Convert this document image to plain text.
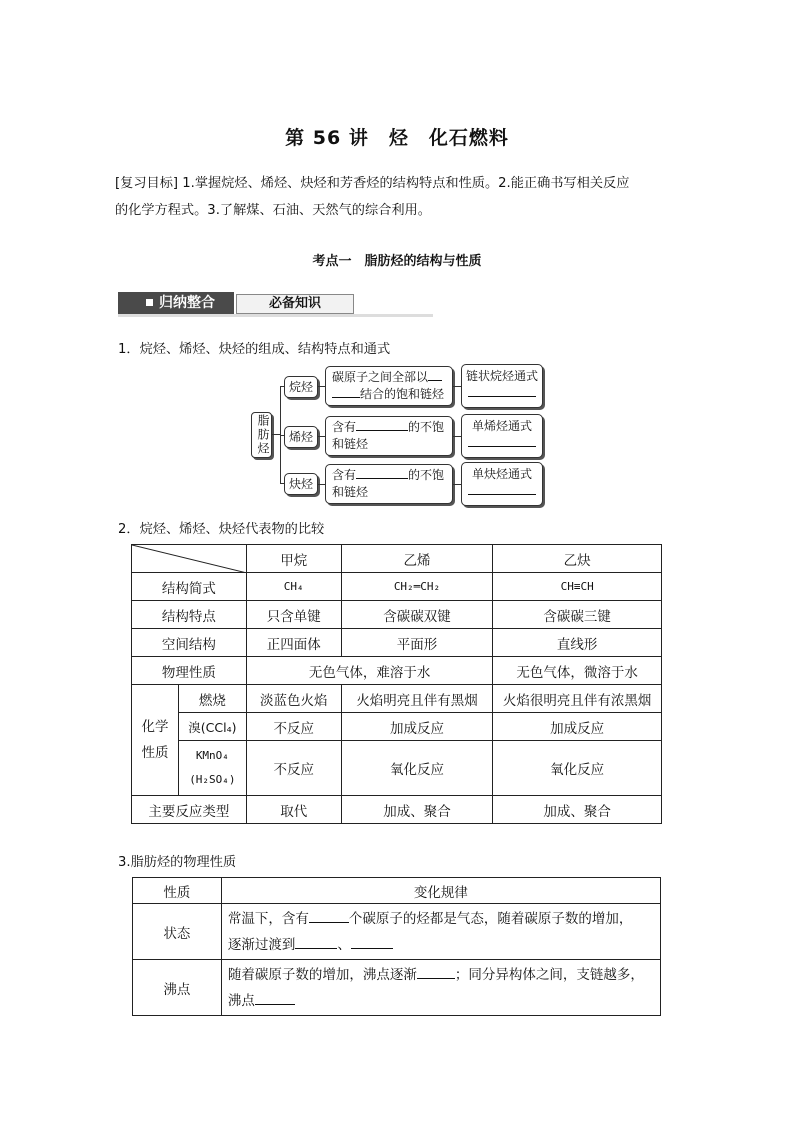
第 56 讲　烃　化石燃料
[复习目标] 1.掌握烷烃、烯烃、炔烃和芳香烃的结构特点和性质。2.能正确书写相关反应
的化学方程式。3.了解煤、石油、天然气的综合利用。
考点一　脂肪烃的结构与性质
归纳整合	必备知识
1．烷烃、烯烃、炔烃的组成、结构特点和通式
脂肪烃
烷烃
烯烃
炔烃
碳原子之间全部以
结合的饱和链烃
含有	的不饱
和链烃
含有	的不饱
和链烃
链状烷烃通式
单烯烃通式
单炔烃通式
2．烷烃、烯烃、炔烃代表物的比较
	甲烷	乙烯	乙炔
结构简式		CH₄	CH₂═CH₂	CH≡CH
结构特点		只含单键	含碳碳双键	含碳碳三键
空间结构		正四面体	平面形	直线形
物理性质		无色气体，难溶于水		无色气体，微溶于水

化学
性质	燃烧	淡蓝色火焰	火焰明亮且伴有黑烟	火焰很明亮且伴有浓黑烟
	溴(CCl₄)	不反应	加成反应	加成反应

	KMnO₄
(H₂SO₄)	不反应	氧化反应	氧化反应
主要反应类型		取代	加成、聚合	加成、聚合
3.脂肪烃的物理性质
性质	变化规律
状态	常温下，含有 个碳原子的烃都是气态，随着碳原子数的增加，
逐渐过渡到 、

沸点	随着碳原子数的增加，沸点逐渐 ；同分异构体之间，支链越多，
沸点
